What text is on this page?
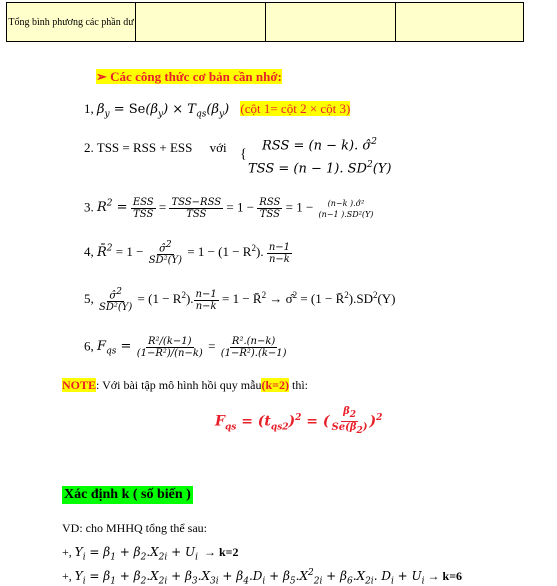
Tổng bình phương các phần dư			
➢ Các công thức cơ bản cần nhớ:
1, $\beta_y = Se(\beta_y) \times T_{qs}(\beta_y)$ (cột 1= cột 2 × cột 3)
2. TSS = RSS + ESS với {
RSS = (n − k). σ̂$^2$
TSS = (n − 1). $SD^2(Y)$
3. $R^2 = \frac{\text{ESS}}{\text{TSS}} = \frac{\text{TSS−RSS}}{\text{TSS}} = 1 - \frac{\text{RSS}}{\text{TSS}} = 1 - (n-k$ ).σ̂²
(n−1 ).SD²(Y)
4, R̄$^2$ = $1 - \frac{\sigmâ^2}{\text{SD²(Y)}} = 1 - (1 - R^2)$. $\frac{n-1}{n-k}$
5, $\frac{\sigmâ^2}{\text{SD²(Y)}} = (1 - R^2)$. $\frac{n-1}{n-k} = 1$ − R̄$^2$ → σ̂$^2$ = $(1 - R̄^2).SD^2(Y)$
6, $F_{qs} = \frac{\text{R²/(k−1)}}{\text{(1−R²)/(n−k)}} = \frac{\text{R².(n−k)}}{\text{(1−R²).(k−1)}}$
NOTE: Với bài tập mô hình hồi quy mẫu(k=2) thì:
$F_{qs} = (t_{qs2})^2$ = ( $\frac{\beta_2}{Se(\beta_2)} )^2$
Xác định k ( số biến )
VD: cho MHHQ tổng thể sau:
+, $Y_i = \beta_1 + \beta_2.X_{2i} + U_i \to k=2$
+, $Y_i = \beta_1 + \beta_2.X_{2i} + \beta_3.X_{3i} + \beta_4.D_i + \beta_5.X^2_{2i} + \beta_6.X_{2i}$. $D_i + U_i \to k=6$
